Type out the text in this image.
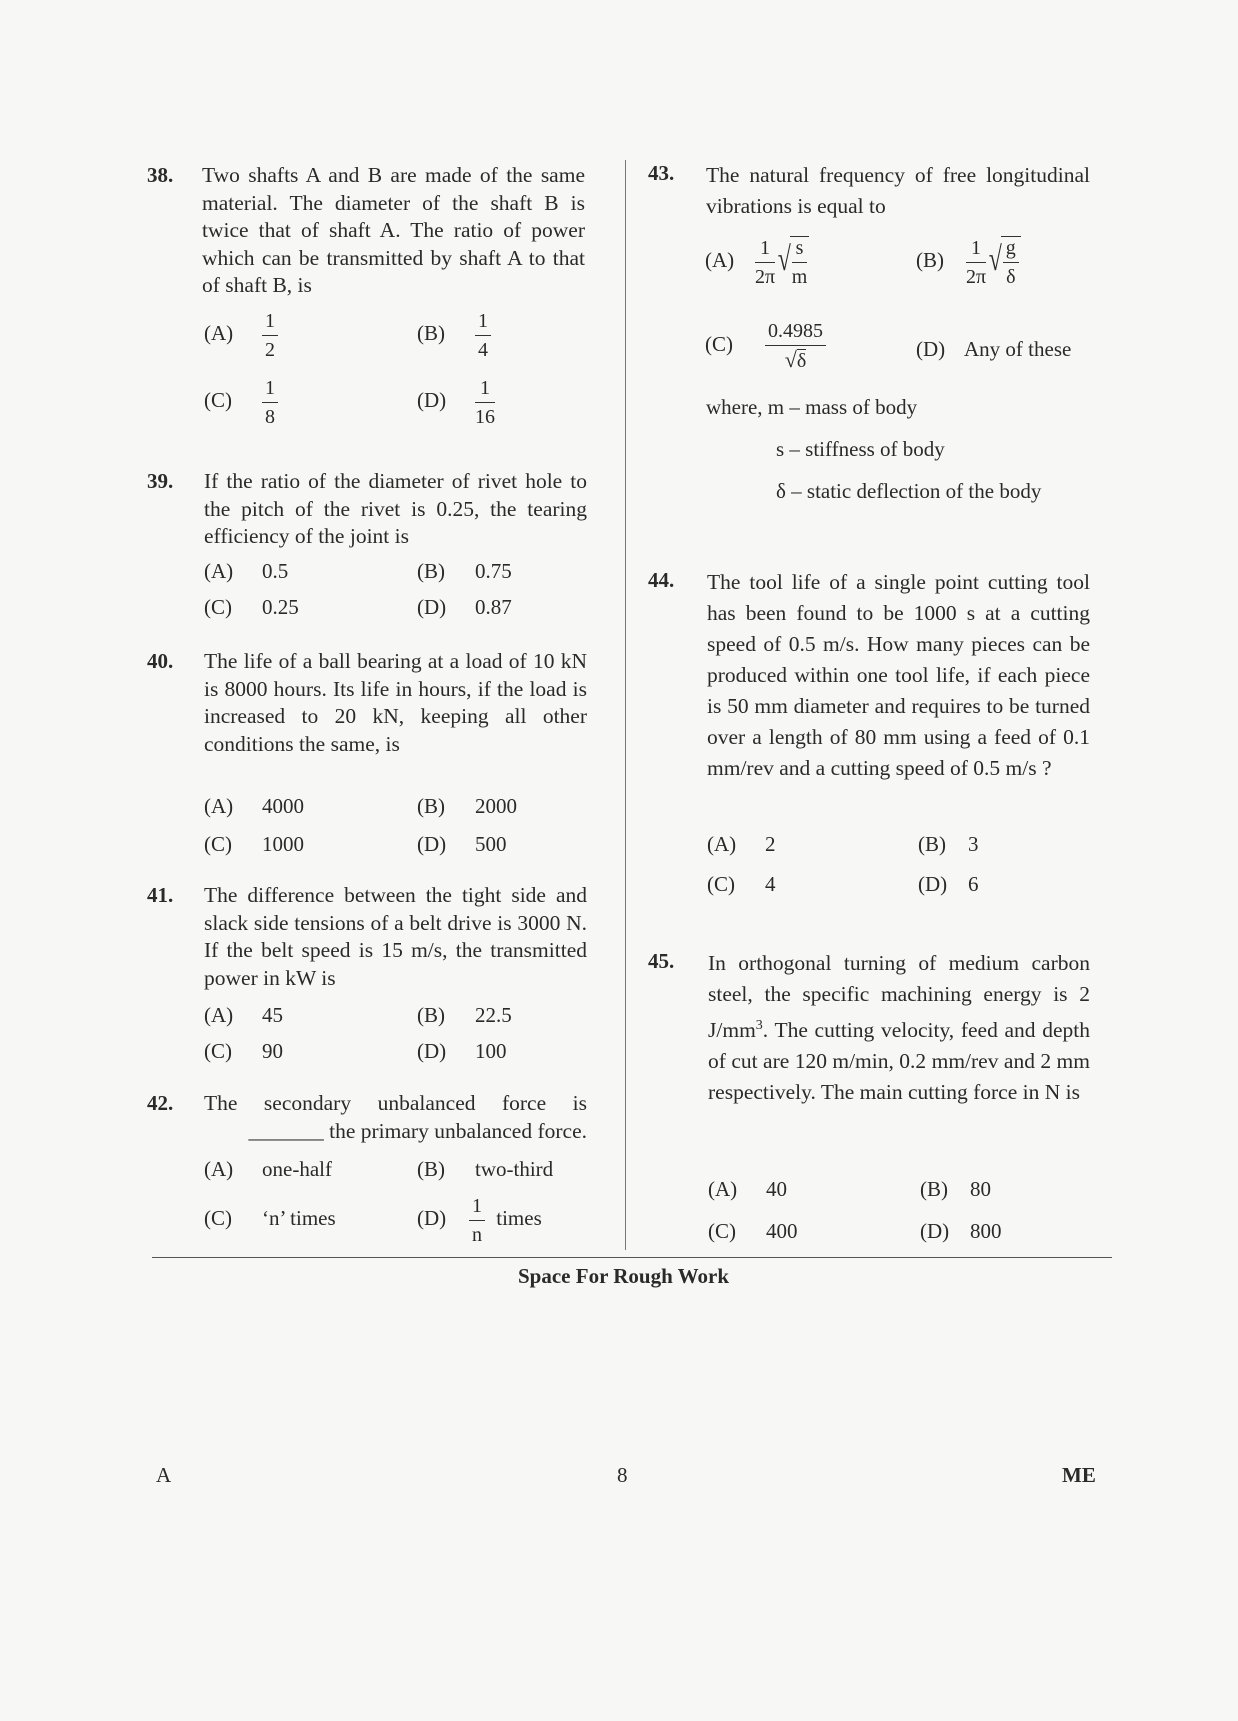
38. Two shafts A and B are made of the same material. The diameter of the shaft B is twice that of shaft A. The ratio of power which can be transmitted by shaft A to that of shaft B, is
$(A) \frac{1}{2}$	$(B) \frac{1}{4}$
$(C) \frac{1}{8}$	$(D) \frac{1}{16}$
39. If the ratio of the diameter of rivet hole to the pitch of the rivet is 0.25, the tearing efficiency of the joint is
(A) 0.5	(B) 0.75
(C) 0.25	(D) 0.87
40. The life of a ball bearing at a load of 10 kN is 8000 hours. Its life in hours, if the load is increased to 20 kN, keeping all other conditions the same, is
(A) 4000	(B) 2000
(C) 1000	(D) 500
41. The difference between the tight side and slack side tensions of a belt drive is 3000 N. If the belt speed is 15 m/s, the transmitted power in kW is
(A) 45	(B) 22.5
(C) 90	(D) 100
42. The secondary unbalanced force is
_______ the primary unbalanced force.
(A) one-half	(B) two-third
(C) ‘n’ times	$(D) \frac{1}{n}$ times
43. The natural frequency of free longitudinal vibrations is equal to
$(A) \frac{1}{2\pi}$ √ $\frac{s}{m}$	$(B) \frac{1}{2\pi}$ √ $\frac{g}{\delta}$
$(C) \frac{0.4985}{√\delta}$	(D) Any of these
where, m – mass of body
s – stiffness of body
δ – static deflection of the body
44. The tool life of a single point cutting tool has been found to be 1000 s at a cutting speed of 0.5 m/s. How many pieces can be produced within one tool life, if each piece is 50 mm diameter and requires to be turned over a length of 80 mm using a feed of 0.1 mm/rev and a cutting speed of 0.5 m/s ?
(A) 2	(B) 3
(C) 4	(D) 6
45. In orthogonal turning of medium carbon steel, the specific machining energy is 2 $J/mm^3$. The cutting velocity, feed and depth of cut are 120 m/min, 0.2 mm/rev and 2 mm respectively. The main cutting force in N is
(A) 40	(B) 80
(C) 400	(D) 800
Space For Rough Work
A	8	ME
